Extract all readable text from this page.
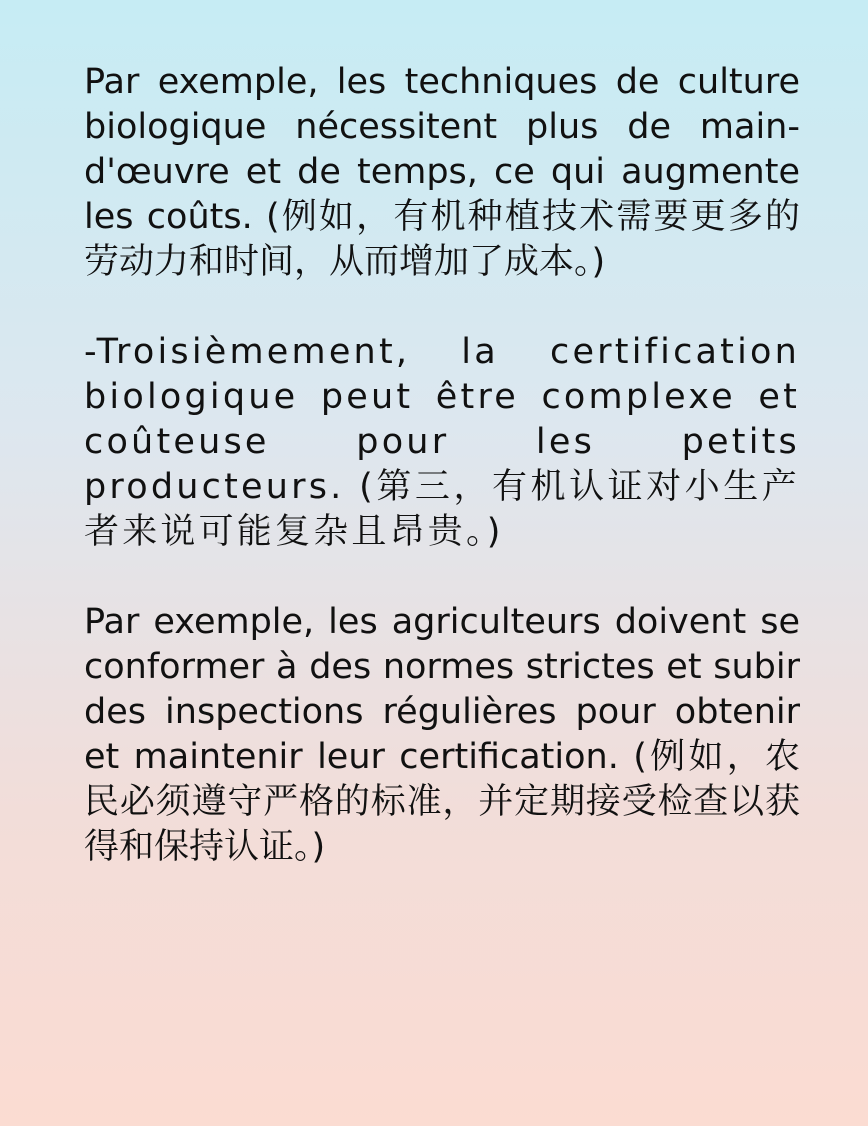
Par exemple, les techniques de culture biologique nécessitent plus de main-d'œuvre et de temps, ce qui augmente les coûts. (例如，有机种植技术需要更多的劳动力和时间，从而增加了成本。)

-Troisièmement, la certification biologique peut être complexe et coûteuse pour les petits producteurs. (第三，有机认证对小生产者来说可能复杂且昂贵。)

Par exemple, les agriculteurs doivent se conformer à des normes strictes et subir des inspections régulières pour obtenir et maintenir leur certification. (例如，农民必须遵守严格的标准，并定期接受检查以获得和保持认证。)
